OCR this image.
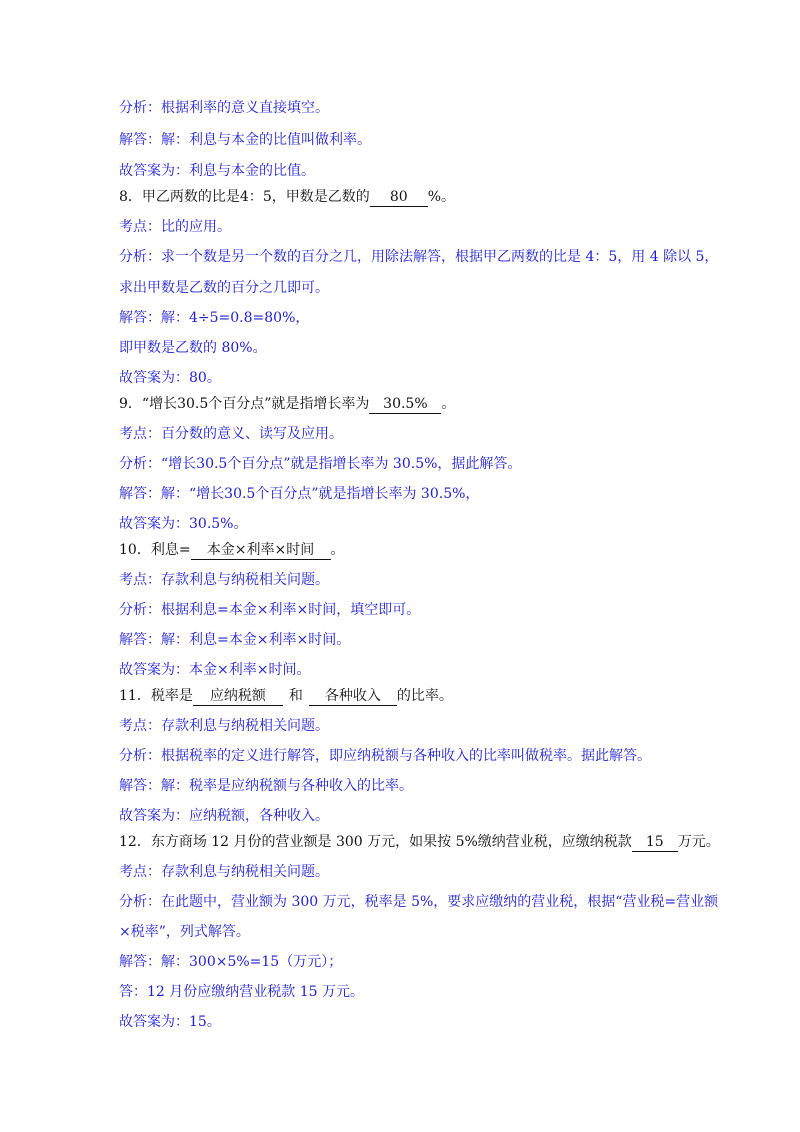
分析：根据利率的意义直接填空。
解答：解：利息与本金的比值叫做利率。
故答案为：利息与本金的比值。
8．甲乙两数的比是4：5，甲数是乙数的 80 %。
考点：比的应用。
分析：求一个数是另一个数的百分之几，用除法解答，根据甲乙两数的比是 4：5，用 4 除以 5，
求出甲数是乙数的百分之几即可。
解答：解：4÷5=0.8=80%，
即甲数是乙数的 80%。
故答案为：80。
9．“增长30.5个百分点”就是指增长率为 30.5% 。
考点：百分数的意义、读写及应用。
分析：“增长30.5个百分点”就是指增长率为 30.5%，据此解答。
解答：解：“增长30.5个百分点”就是指增长率为 30.5%，
故答案为：30.5%。
10．利息= 本金×利率×时间 。
考点：存款利息与纳税相关问题。
分析：根据利息=本金×利率×时间，填空即可。
解答：解：利息=本金×利率×时间。
故答案为：本金×利率×时间。
11．税率是 应纳税额 和 各种收入 的比率。
考点：存款利息与纳税相关问题。
分析：根据税率的定义进行解答，即应纳税额与各种收入的比率叫做税率。据此解答。
解答：解：税率是应纳税额与各种收入的比率。
故答案为：应纳税额，各种收入。
12．东方商场 12 月份的营业额是 300 万元，如果按 5%缴纳营业税，应缴纳税款 15 万元。
考点：存款利息与纳税相关问题。
分析：在此题中，营业额为 300 万元，税率是 5%，要求应缴纳的营业税，根据“营业税=营业额
×税率”，列式解答。
解答：解：300×5%=15（万元）；
答：12 月份应缴纳营业税款 15 万元。
故答案为：15。
